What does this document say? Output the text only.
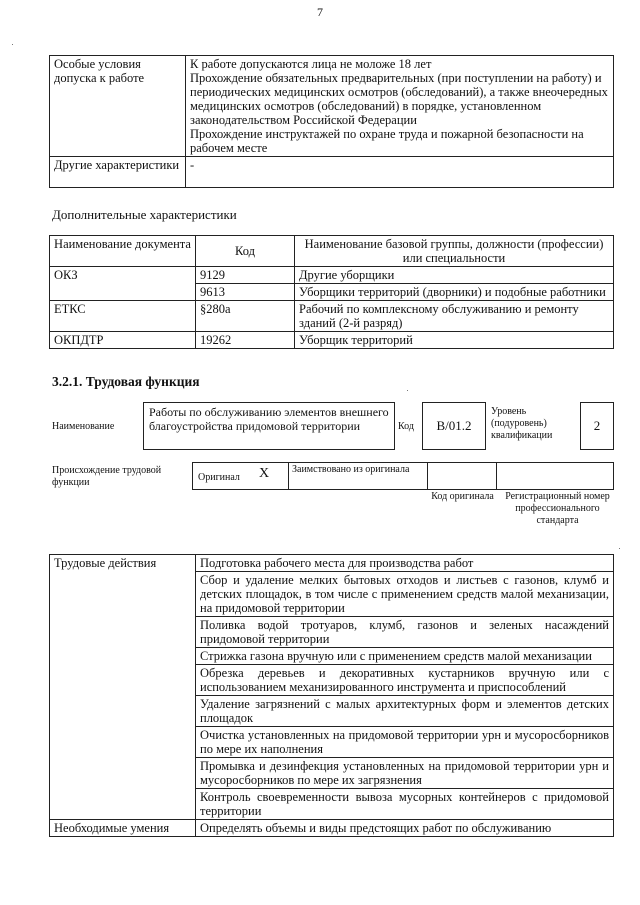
7
Особые условия допуска к работе	К работе допускаются лица не моложе 18 лет
Прохождение обязательных предварительных (при поступлении на работу) и периодических медицинских осмотров (обследований), а также внеочередных медицинских осмотров (обследований) в порядке, установленном законодательством Российской Федерации
Прохождение инструктажей по охране труда и пожарной безопасности на рабочем месте

Другие характеристики	-
Дополнительные характеристики
Наименование документа	Код	Наименование базовой группы, должности (профессии) или специальности
ОКЗ	9129	Другие уборщики
	9613	Уборщики территорий (дворники) и подобные работники
ЕТКС	§280а	Рабочий по комплексному обслуживанию и ремонту зданий (2-й разряд)
ОКПДТР	19262	Уборщик территорий
3.2.1. Трудовая функция
Наименование
Работы по обслуживанию элементов внешнего благоустройства придомовой территории	Код	В/01.2
Уровень (подуровень) квалификации
2
Происхождение трудовой функции	Оригинал X Заимствовано из оригинала
Код оригинала Регистрационный номер профессионального стандарта
Трудовые действия	Подготовка рабочего места для производства работ
	Сбор и удаление мелких бытовых отходов и листьев с газонов, клумб и детских площадок, в том числе с применением средств малой механизации, на придомовой территории
	Поливка водой тротуаров, клумб, газонов и зеленых насаждений придомовой территории
	Стрижка газона вручную или с применением средств малой механизации
	Обрезка деревьев и декоративных кустарников вручную или с использованием механизированного инструмента и приспособлений
	Удаление загрязнений с малых архитектурных форм и элементов детских площадок
	Очистка установленных на придомовой территории урн и мусоросборников по мере их наполнения
	Промывка и дезинфекция установленных на придомовой территории урн и мусоросборников по мере их загрязнения
	Контроль своевременности вывоза мусорных контейнеров с придомовой территории
Необходимые умения	Определять объемы и виды предстоящих работ по обслуживанию
